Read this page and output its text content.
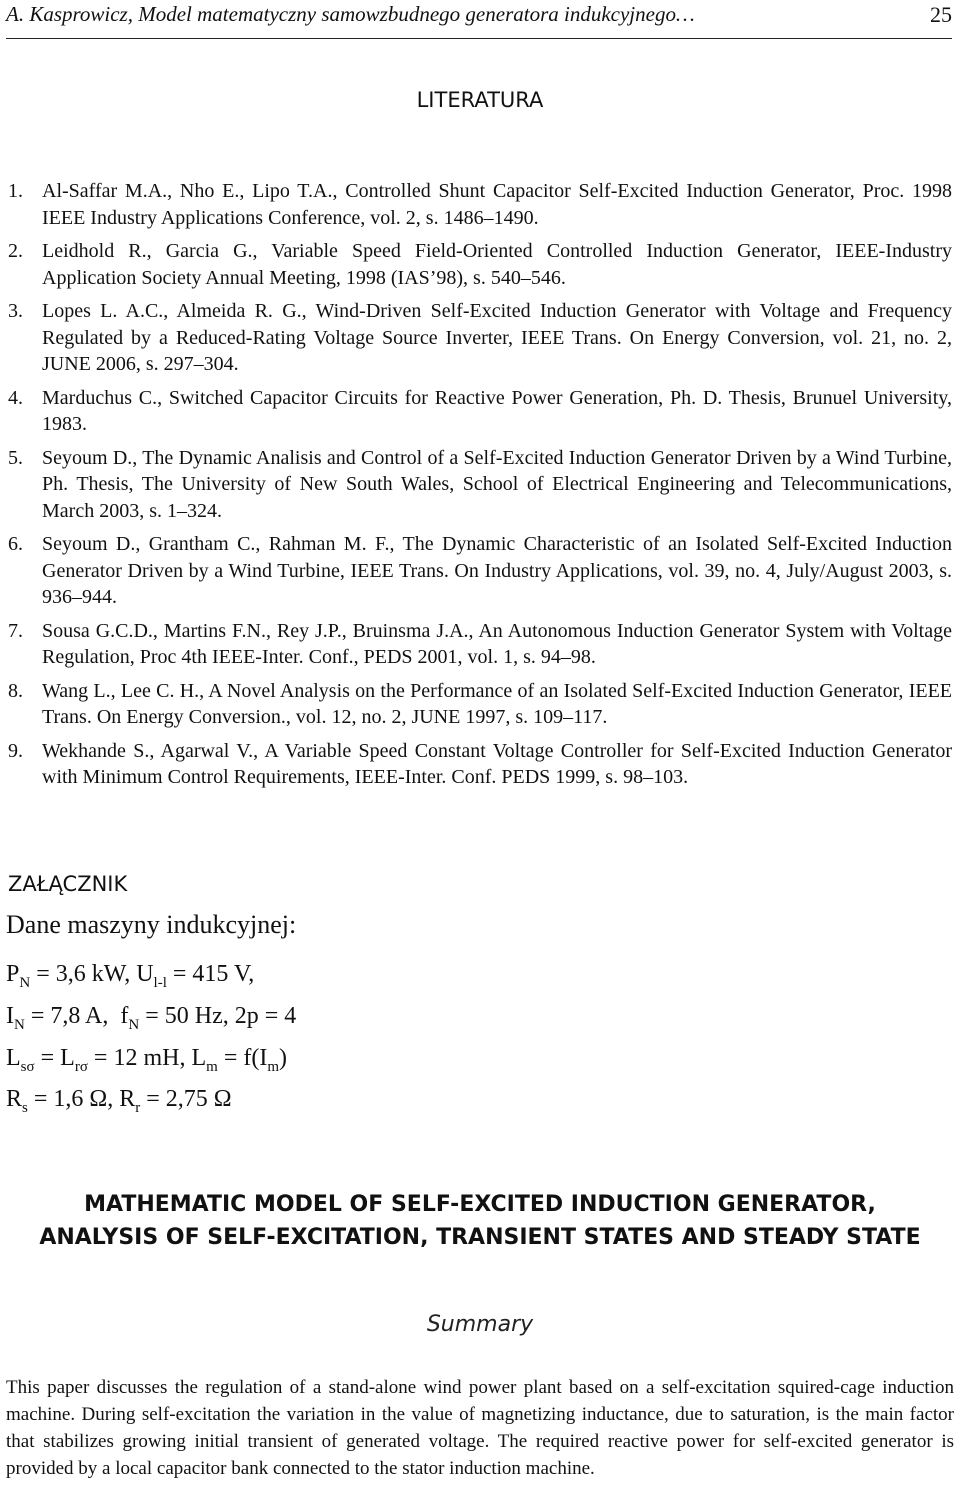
A. Kasprowicz, Model matematyczny samowzbudnego generatora indukcyjnego…	25
LITERATURA
1. Al-Saffar M.A., Nho E., Lipo T.A., Controlled Shunt Capacitor Self-Excited Induction Generator, Proc. 1998 IEEE Industry Applications Conference, vol. 2, s. 1486–1490.
2. Leidhold R., Garcia G., Variable Speed Field-Oriented Controlled Induction Generator, IEEE-Industry Application Society Annual Meeting, 1998 (IAS’98), s. 540–546.
3. Lopes L. A.C., Almeida R. G., Wind-Driven Self-Excited Induction Generator with Voltage and Frequency Regulated by a Reduced-Rating Voltage Source Inverter, IEEE Trans. On Energy Conversion, vol. 21, no. 2, JUNE 2006, s. 297–304.
4. Marduchus C., Switched Capacitor Circuits for Reactive Power Generation, Ph. D. Thesis, Brunuel University, 1983.
5. Seyoum D., The Dynamic Analisis and Control of a Self-Excited Induction Generator Driven by a Wind Turbine, Ph. Thesis, The University of New South Wales, School of Electrical Engineering and Telecommunications, March 2003, s. 1–324.
6. Seyoum D., Grantham C., Rahman M. F., The Dynamic Characteristic of an Isolated Self-Excited Induction Generator Driven by a Wind Turbine, IEEE Trans. On Industry Applications, vol. 39, no. 4, July/August 2003, s. 936–944.
7. Sousa G.C.D., Martins F.N., Rey J.P., Bruinsma J.A., An Autonomous Induction Generator System with Voltage Regulation, Proc 4th IEEE-Inter. Conf., PEDS 2001, vol. 1, s. 94–98.
8. Wang L., Lee C. H., A Novel Analysis on the Performance of an Isolated Self-Excited Induction Generator, IEEE Trans. On Energy Conversion., vol. 12, no. 2, JUNE 1997, s. 109–117.
9. Wekhande S., Agarwal V., A Variable Speed Constant Voltage Controller for Self-Excited Induction Generator with Minimum Control Requirements, IEEE-Inter. Conf. PEDS 1999, s. 98–103.
ZAŁĄCZNIK
Dane maszyny indukcyjnej:
$P_N = 3,6$ kW, $U_{l-l} = 415$ V,
$I_N = 7,8$ A,  $f_N = 50$ Hz, 2p = 4
$L_{s\sigma} = L_{r\sigma} = 12$ mH, $L_m = f(I_m)$
$R_s = 1,6$ Ω, $R_r = 2,75$ Ω
MATHEMATIC MODEL OF SELF-EXCITED INDUCTION GENERATOR,
ANALYSIS OF SELF-EXCITATION, TRANSIENT STATES AND STEADY STATE
Summary
This paper discusses the regulation of a stand-alone wind power plant based on a self-excitation squired-cage induction machine. During self-excitation the variation in the value of magnetizing inductance, due to saturation, is the main factor that stabilizes growing initial transient of generated voltage. The required reactive power for self-excited generator is provided by a local capacitor bank connected to the stator induction machine.
